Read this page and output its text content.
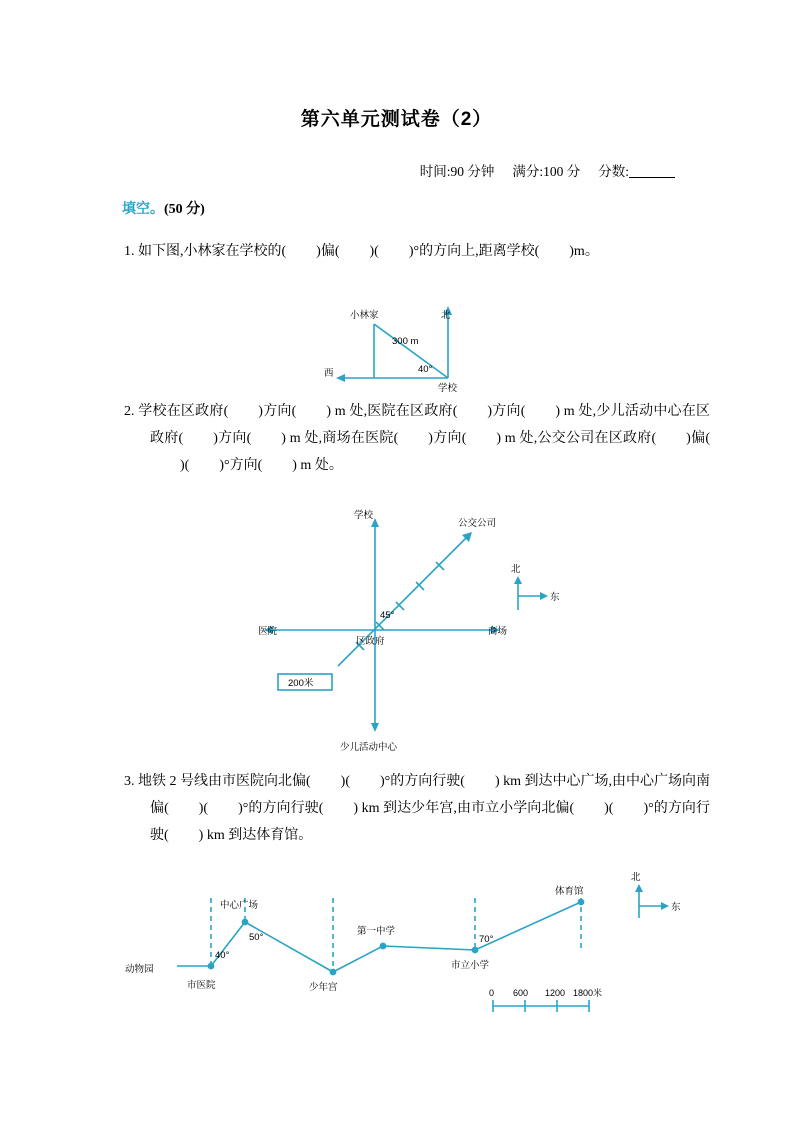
第六单元测试卷（2）
时间:90 分钟 满分:100 分 分数:
填空。(50 分)
1. 如下图,小林家在学校的( )偏( )( )°的方向上,距离学校( )m。
小林家	北
300 m
西	40°
学校
2. 学校在区政府( )方向( ) m 处,医院在区政府( )方向( ) m 处,少儿活动中心在区政府( )方向( ) m 处,商场在医院( )方向( ) m 处,公交公司在区政府( )偏()( )°方向( ) m 处。
学校
公交公司
北
东
45°
医院
区政府
商场
200米
少儿活动中心
3. 地铁 2 号线由市医院向北偏( )( )°的方向行驶( ) km 到达中心广场,由中心广场向南偏( )( )°的方向行驶( ) km 到达少年宫,由市立小学向北偏( )( )°的方向行驶( ) km 到达体育馆。
北
东
动物园
市医院
中心广场
少年宫
第一中学
市立小学
体育馆
40°
50°	70°
0 600 1200 1800米
